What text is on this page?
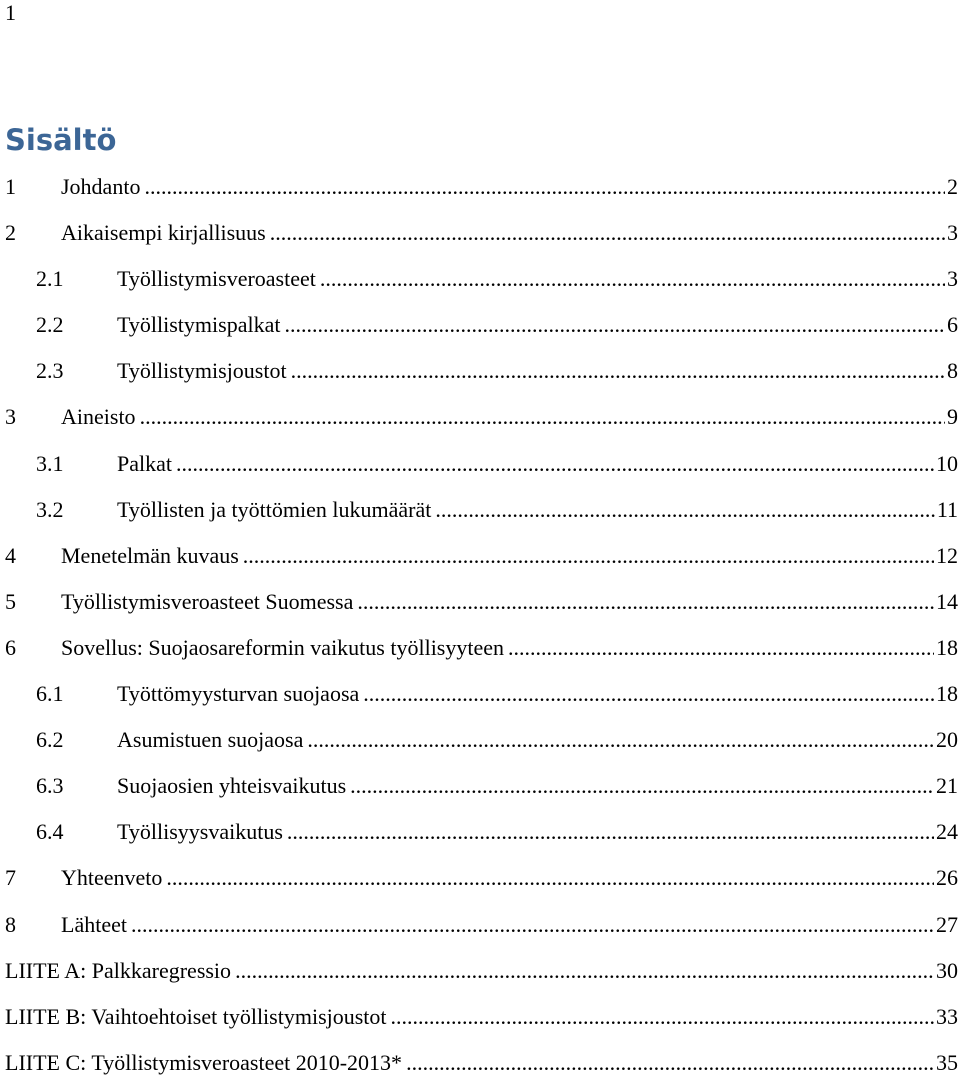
1
Sisältö
1 Johdanto .....	2
2 Aikaisempi kirjallisuus .....	3
2.1 Työllistymisveroasteet .....	3
2.2 Työllistymispalkat .....	6
2.3 Työllistymisjoustot .....	8
3 Aineisto .....	9
3.1 Palkat .....	10
3.2 Työllisten ja työttömien lukumäärät .....	11
4 Menetelmän kuvaus .....	12
5 Työllistymisveroasteet Suomessa .....	14
6 Sovellus: Suojaosareformin vaikutus työllisyyteen .....	18
6.1 Työttömyysturvan suojaosa .....	18
6.2 Asumistuen suojaosa .....	20
6.3 Suojaosien yhteisvaikutus .....	21
6.4 Työllisyysvaikutus .....	24
7 Yhteenveto .....	26
8 Lähteet .....	27
LIITE A: Palkkaregressio .....	30
LIITE B: Vaihtoehtoiset työllistymisjoustot .....	33
LIITE C: Työllistymisveroasteet 2010-2013* .....	35
